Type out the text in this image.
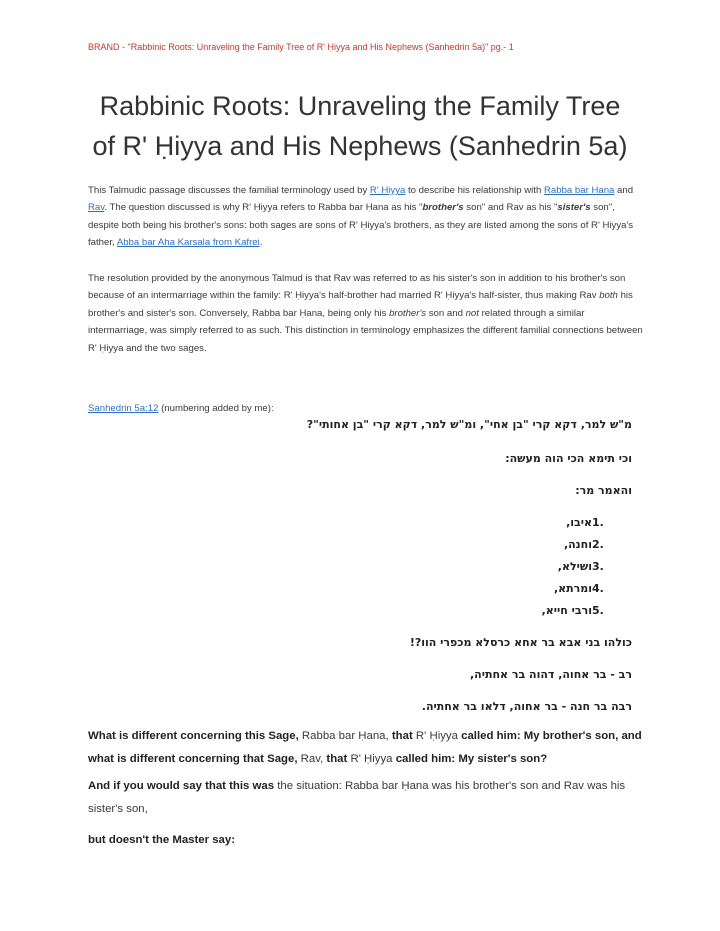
BRAND - "Rabbinic Roots: Unraveling the Family Tree of R' Ḥiyya and His Nephews (Sanhedrin 5a)" pg.- 1
Rabbinic Roots: Unraveling the Family Tree
of R' Ḥiyya and His Nephews (Sanhedrin 5a)
This Talmudic passage discusses the familial terminology used by R' Ḥiyya to describe his relationship with Rabba bar Ḥana and Rav. The question discussed is why R' Ḥiyya refers to Rabba bar Ḥana as his "brother's son" and Rav as his "sister's son", despite both being his brother's sons: both sages are sons of R' Ḥiyya's brothers, as they are listed among the sons of R' Ḥiyya's father, Abba bar Aha Karsala from Kafrei.
The resolution provided by the anonymous Talmud is that Rav was referred to as his sister's son in addition to his brother's son because of an intermarriage within the family: R' Ḥiyya's half-brother had married R' Ḥiyya's half-sister, thus making Rav both his brother's and sister's son. Conversely, Rabba bar Ḥana, being only his brother's son and not related through a similar intermarriage, was simply referred to as such. This distinction in terminology emphasizes the different familial connections between R' Ḥiyya and the two sages.
Sanhedrin 5a:12 (numbering added by me):
מ"ש למר, דקא קרי "בן אחי", ומ"ש למר, דקא קרי "בן אחותי"?
וכי תימא הכי הוה מעשה:
והאמר מר:
.1איבו,
.2וחנה,
.3ושילא,
.4ומרתא,
.5ורבי חייא,
כולהו בני אבא בר אחא כרסלא מכפרי הוו?!
רב - בר אחוה, דהוה בר אחתיה,
רבה בר חנה - בר אחוה, דלאו בר אחתיה.
What is different concerning this Sage, Rabba bar Ḥana, that R' Ḥiyya called him: My brother's son, and what is different concerning that Sage, Rav, that R' Ḥiyya called him: My sister's son?
And if you would say that this was the situation: Rabba bar Ḥana was his brother's son and Rav was his sister's son,
but doesn't the Master say:
